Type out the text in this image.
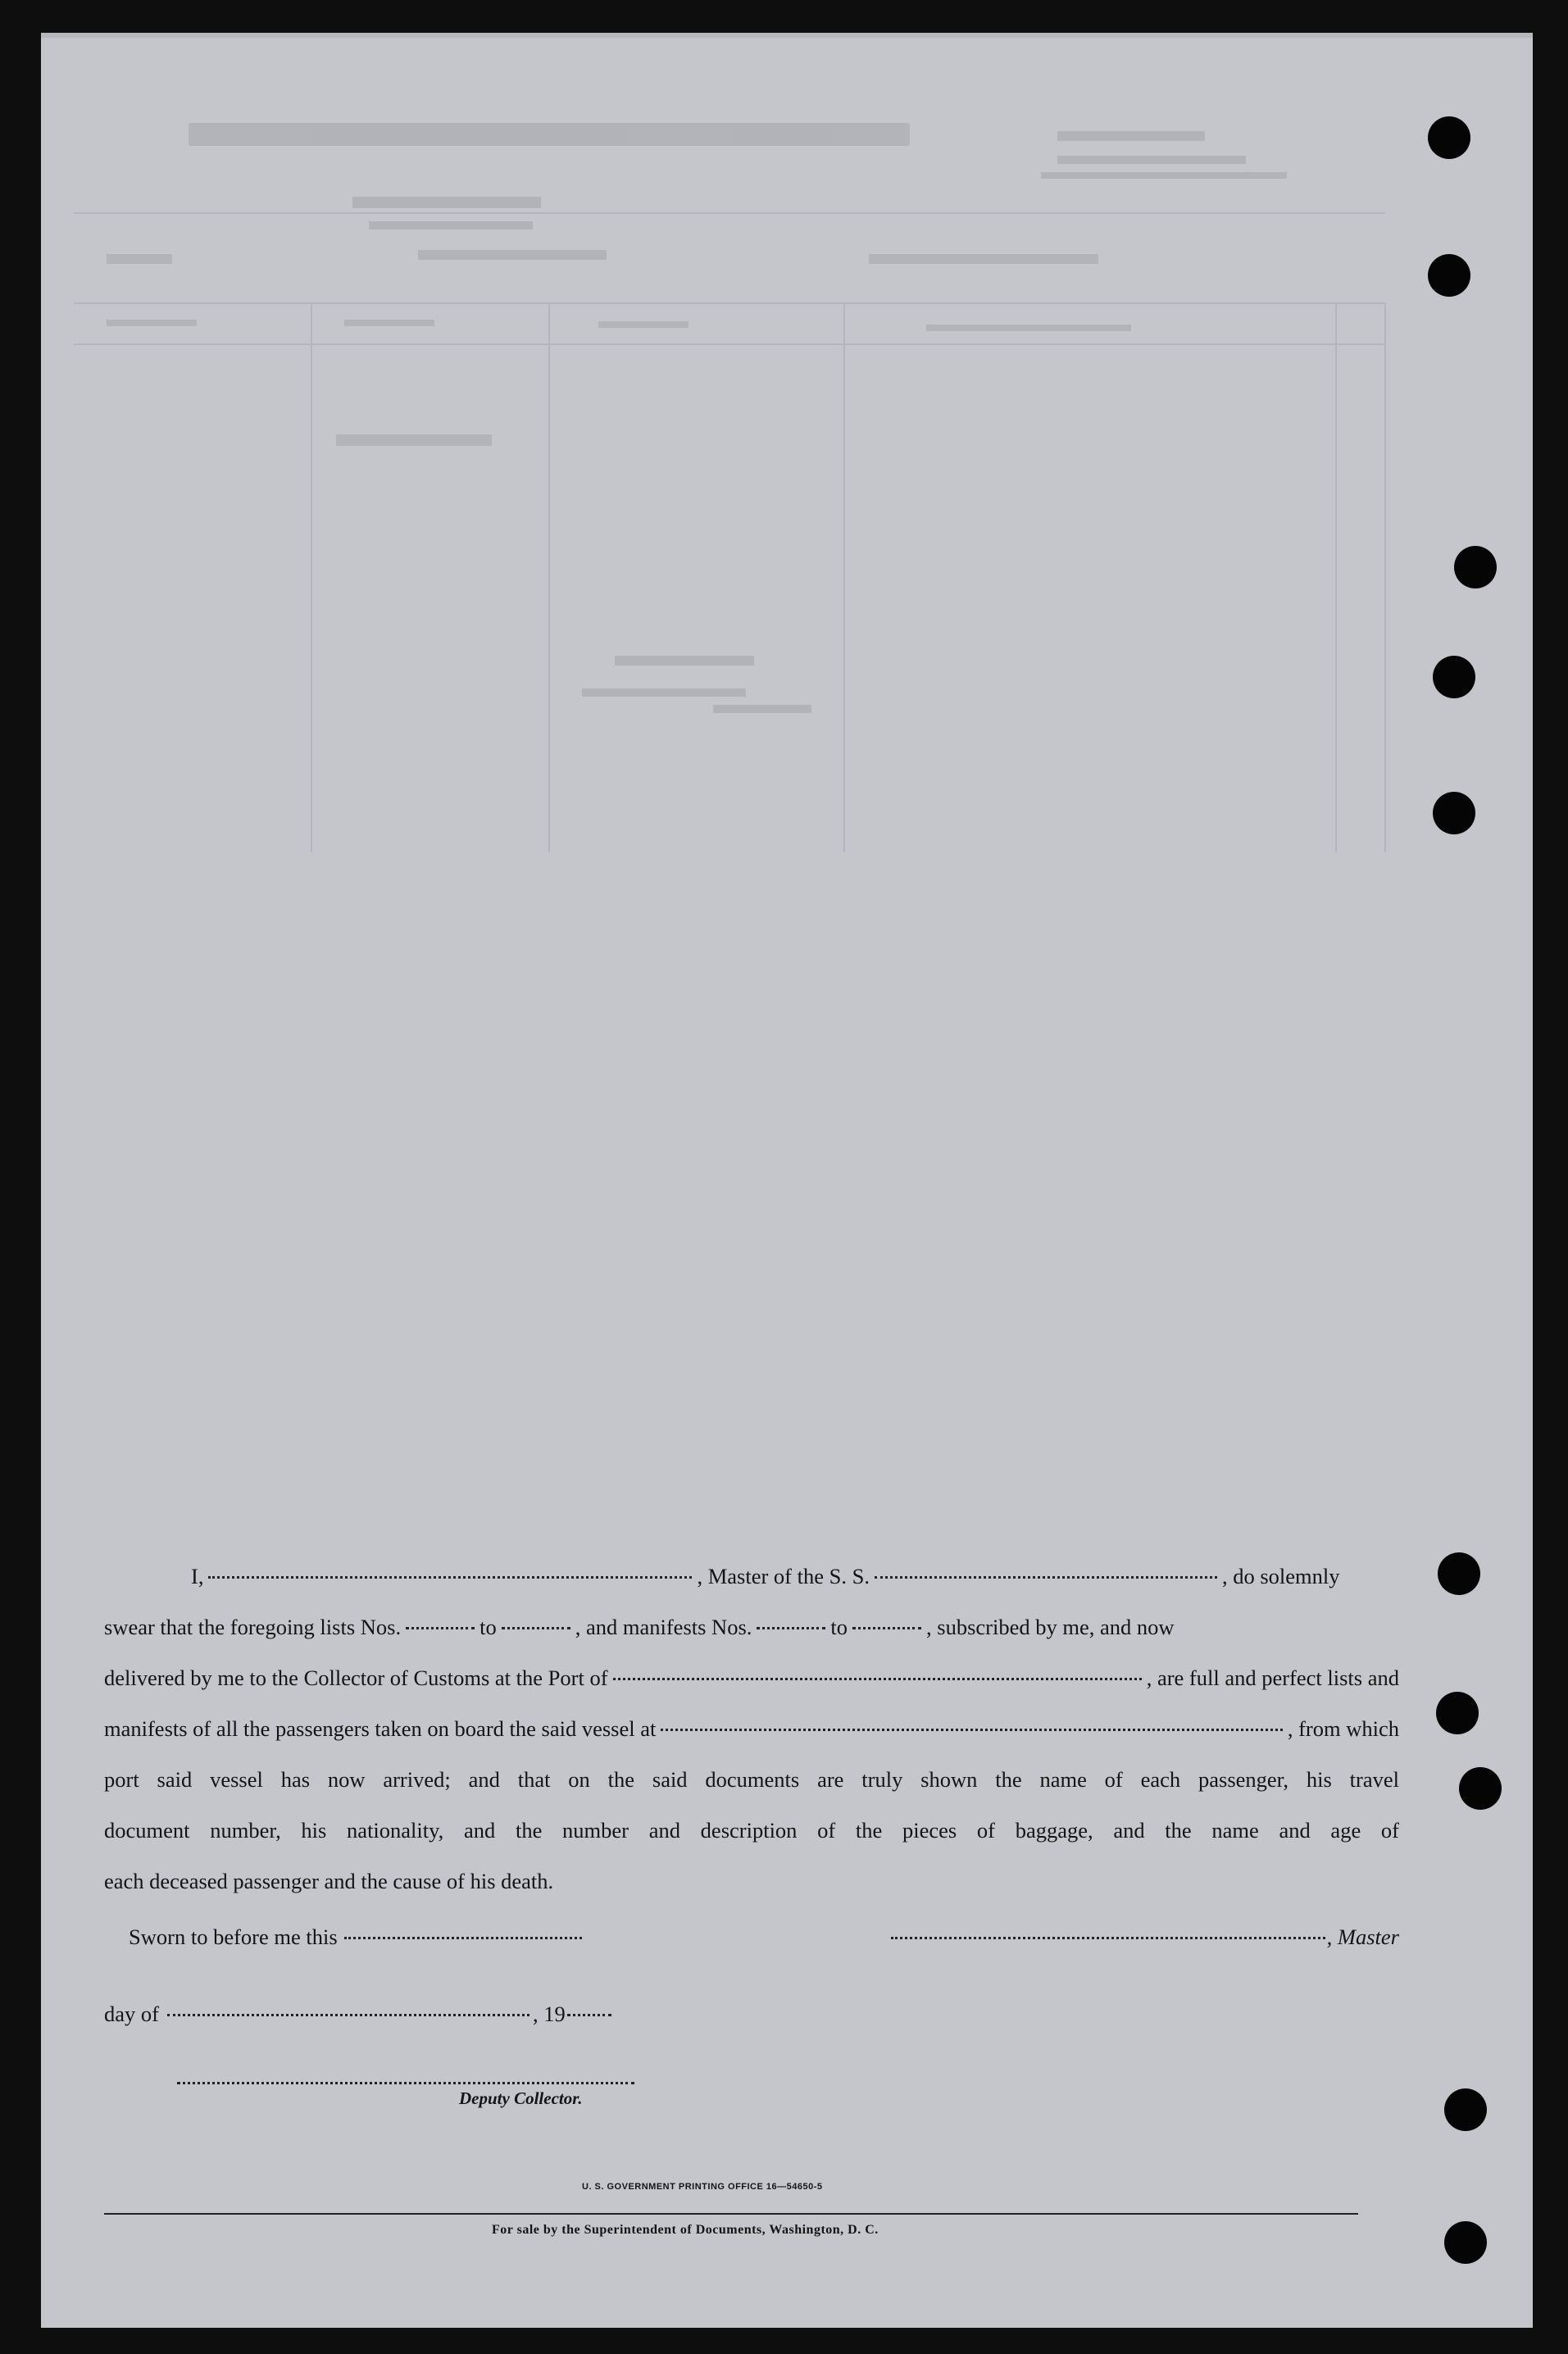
I,	, Master of the S. S.	, do solemnly
swear that the foregoing lists Nos.	to	, and manifests Nos.	to	, subscribed by me, and now
delivered by me to the Collector of Customs at the Port of	, are full and perfect lists and
manifests of all the passengers taken on board the said vessel at	, from which
port said vessel has now arrived; and that on the said documents are truly shown the name of each passenger, his travel
document number, his nationality, and the number and description of the pieces of baggage, and the name and age of
each deceased passenger and the cause of his death.
Sworn to before me this	, Master
day of	, 19
Deputy Collector.
U. S. GOVERNMENT PRINTING OFFICE 16—54650-5
For sale by the Superintendent of Documents, Washington, D. C.
